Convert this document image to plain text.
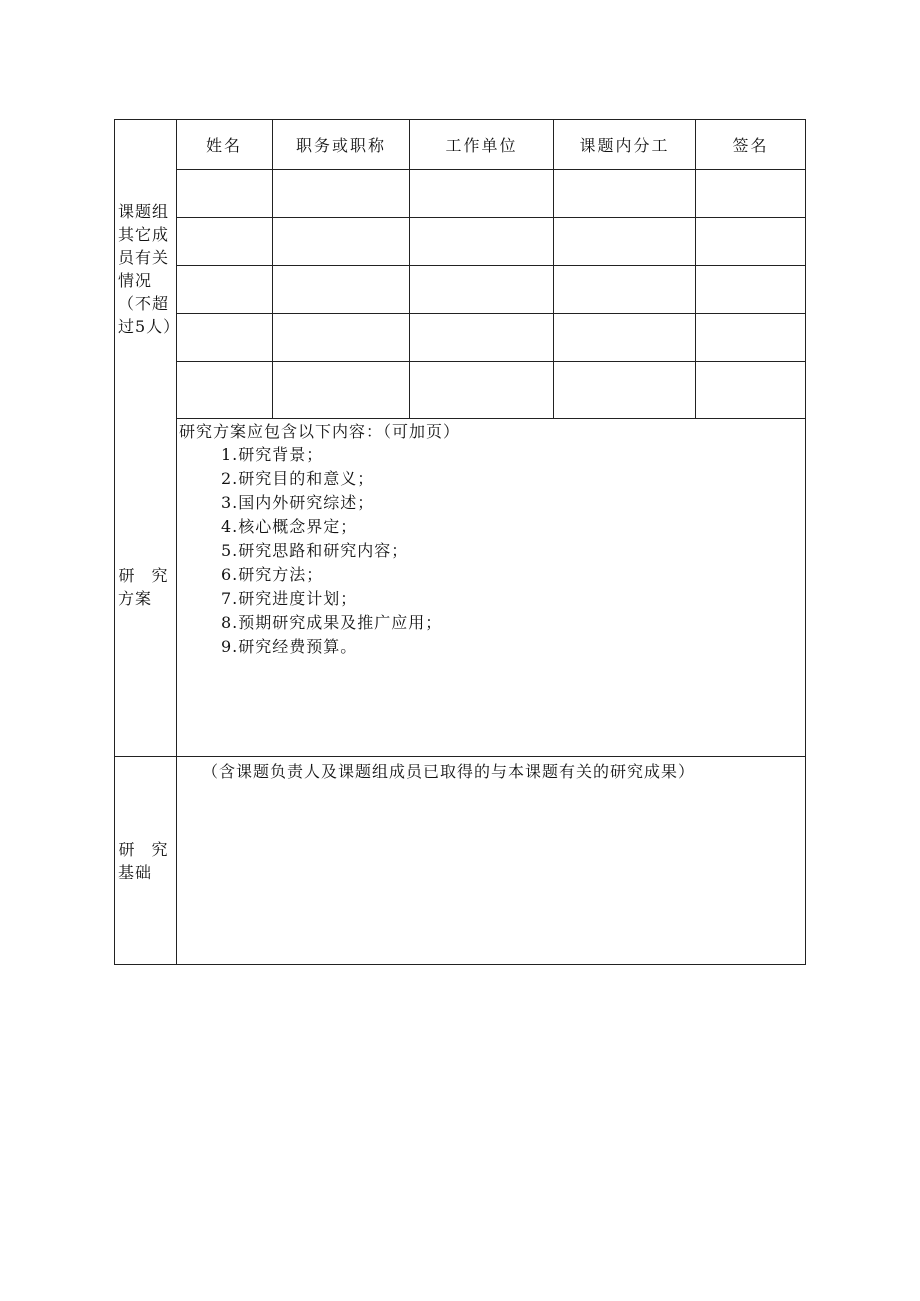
课题组其它成员有关情况（不超过5人）
姓名	职务或职称	工作单位	课题内分工	签名
研 究
方案
研究方案应包含以下内容：（可加页）
1.研究背景；
2.研究目的和意义；
3.国内外研究综述；
4.核心概念界定；
5.研究思路和研究内容；
6.研究方法；
7.研究进度计划；
8.预期研究成果及推广应用；
9.研究经费预算。
研 究
基础
（含课题负责人及课题组成员已取得的与本课题有关的研究成果）
